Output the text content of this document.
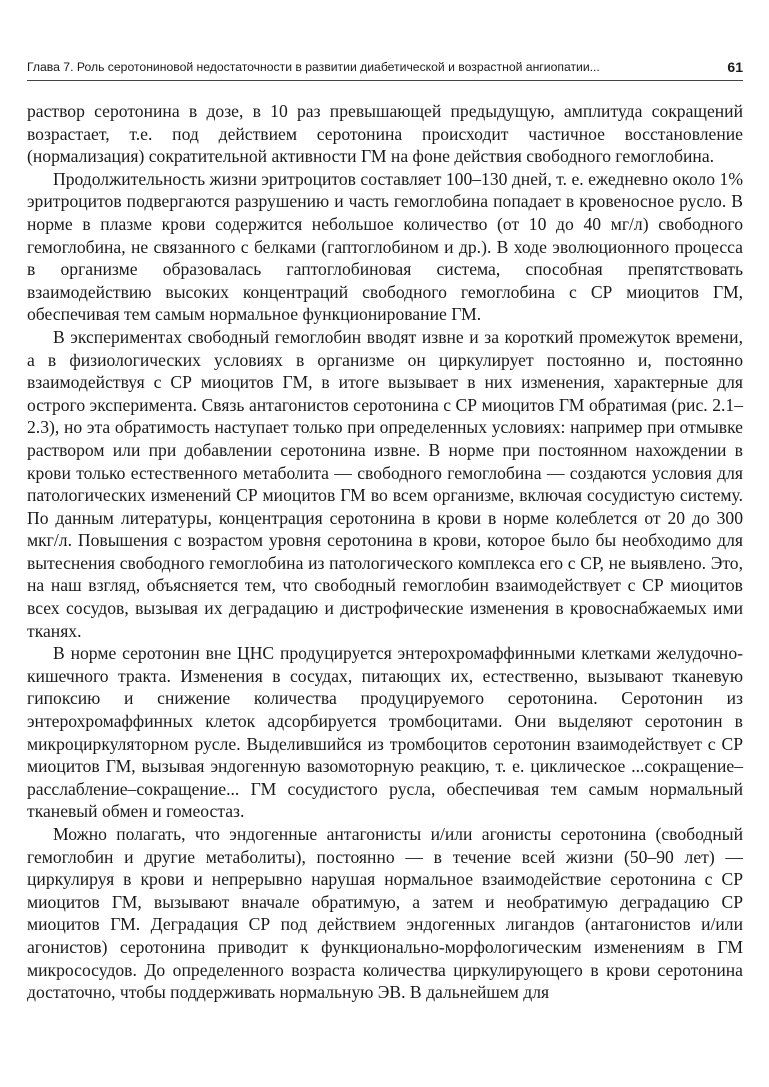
Глава 7. Роль серотониновой недостаточности в развитии диабетической и возрастной ангиопатии...	61

раствор серотонина в дозе, в 10 раз превышающей предыдущую, амплитуда сокращений возрастает, т.е. под действием серотонина происходит частичное восстановление (нормализация) сократительной активности ГМ на фоне действия свободного гемоглобина.

Продолжительность жизни эритроцитов составляет 100–130 дней, т. е. ежедневно около 1% эритроцитов подвергаются разрушению и часть гемоглобина попадает в кровеносное русло. В норме в плазме крови содержится небольшое количество (от 10 до 40 мг/л) свободного гемоглобина, не связанного с белками (гаптоглобином и др.). В ходе эволюционного процесса в организме образовалась гаптоглобиновая система, способная препятствовать взаимодействию высоких концентраций свободного гемоглобина с СР миоцитов ГМ, обеспечивая тем самым нормальное функционирование ГМ.

В экспериментах свободный гемоглобин вводят извне и за короткий промежуток времени, а в физиологических условиях в организме он циркулирует постоянно и, постоянно взаимодействуя с СР миоцитов ГМ, в итоге вызывает в них изменения, характерные для острого эксперимента. Связь антагонистов серотонина с СР миоцитов ГМ обратимая (рис. 2.1–2.3), но эта обратимость наступает только при определенных условиях: например при отмывке раствором или при добавлении серотонина извне. В норме при постоянном нахождении в крови только естественного метаболита — свободного гемоглобина — создаются условия для патологических изменений СР миоцитов ГМ во всем организме, включая сосудистую систему. По данным литературы, концентрация серотонина в крови в норме колеблется от 20 до 300 мкг/л. Повышения с возрастом уровня серотонина в крови, которое было бы необходимо для вытеснения свободного гемоглобина из патологического комплекса его с СР, не выявлено. Это, на наш взгляд, объясняется тем, что свободный гемоглобин взаимодействует с СР миоцитов всех сосудов, вызывая их деградацию и дистрофические изменения в кровоснабжаемых ими тканях.

В норме серотонин вне ЦНС продуцируется энтерохромаффинными клетками желудочно-кишечного тракта. Изменения в сосудах, питающих их, естественно, вызывают тканевую гипоксию и снижение количества продуцируемого серотонина. Серотонин из энтерохромаффинных клеток адсорбируется тромбоцитами. Они выделяют серотонин в микроциркуляторном русле. Выделившийся из тромбоцитов серотонин взаимодействует с СР миоцитов ГМ, вызывая эндогенную вазомоторную реакцию, т. е. циклическое ...сокращение–расслабление–сокращение... ГМ сосудистого русла, обеспечивая тем самым нормальный тканевый обмен и гомеостаз.

Можно полагать, что эндогенные антагонисты и/или агонисты серотонина (свободный гемоглобин и другие метаболиты), постоянно — в течение всей жизни (50–90 лет) — циркулируя в крови и непрерывно нарушая нормальное взаимодействие серотонина с СР миоцитов ГМ, вызывают вначале обратимую, а затем и необратимую деградацию СР миоцитов ГМ. Деградация СР под действием эндогенных лигандов (антагонистов и/или агонистов) серотонина приводит к функционально-морфологическим изменениям в ГМ микрососудов. До определенного возраста количества циркулирующего в крови серотонина достаточно, чтобы поддерживать нормальную ЭВ. В дальнейшем для
